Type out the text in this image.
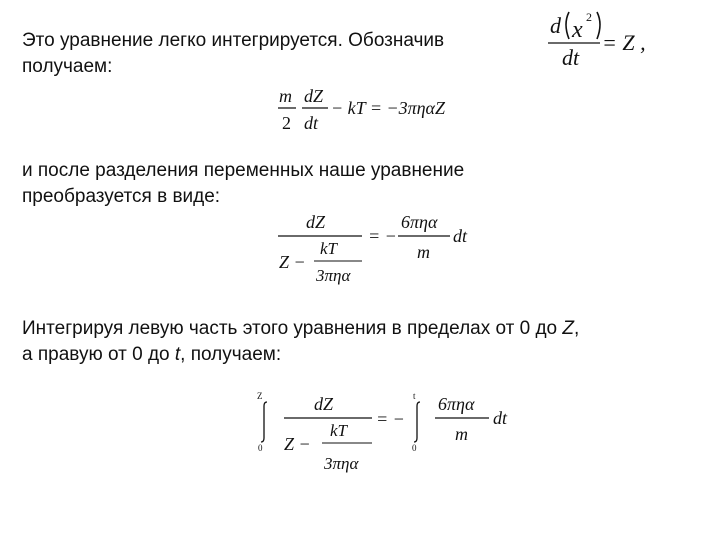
Это уравнение легко интегрируется. Обозначив
получаем:
d x 2
dt
= Z ,
m
2
dZ
dt
− kT = −3πηαZ
и после разделения переменных наше уравнение
преобразуется в виде:
dZ
Z −
kT
3πηα
= −
6πηα
m
dt
Интегрируя левую часть этого уравнения в пределах от 0 до Z,
а правую от 0 до t, получаем:
Z
0
dZ
Z −
kT
3πηα
= −
t
0
6πηα
m
dt
